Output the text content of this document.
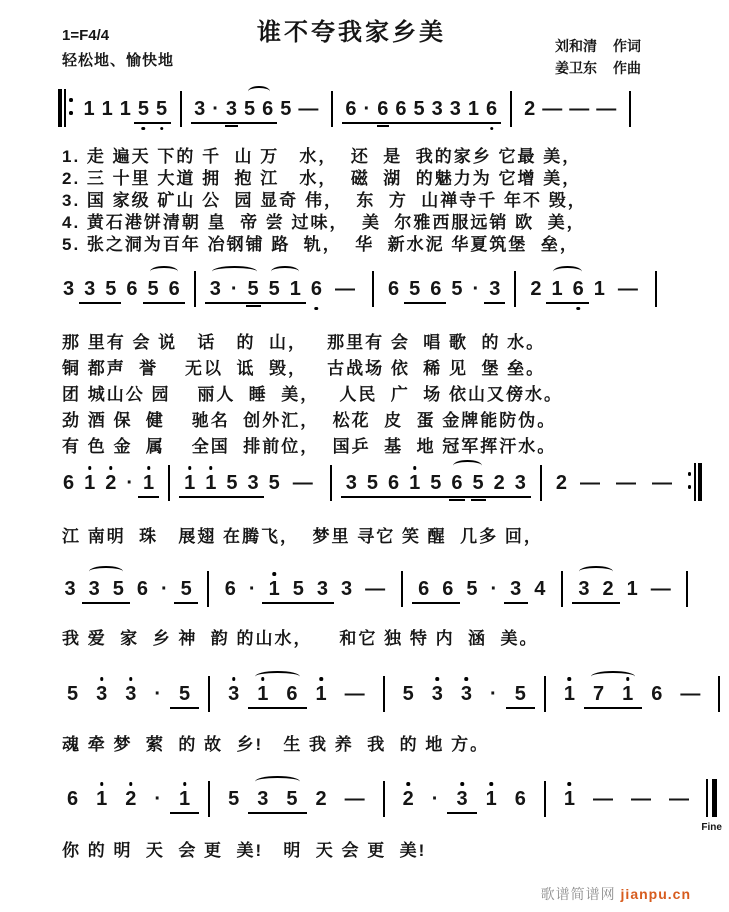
谁不夸我家乡美
1=F4/4
轻松地、愉快地
刘和清 作词
姜卫东 作曲
1 1 1 5 5 3 · 3 5 6 5 — 6 · 6 6 5 3 3 1 6 2 — — —
1. 走 遍天 下的 千  山 万   水，  还  是  我的家乡 它最 美，
2. 三 十里 大道 拥  抱 江   水，  磁  湖  的魅力为 它增 美，
3. 国 家级 矿山 公  园 显奇 伟，  东  方  山禅寺千 年不 毁，
4. 黄石港饼清朝 皇  帝 尝 过味，  美  尔雅西服远销 欧  美，
5. 张之洞为百年 冶钢铺 路  轨，  华  新水泥 华夏筑堡  垒，
3 3 5 6 5 6 3 · 5 5 1 6 —	6 5 6 5 · 3 2 1 6 1 —
那 里有 会 说   话   的  山，   那里有 会  唱 歌  的 水。
铜 都声  誉    无以  诋  毁，   古战场 依  稀 见  堡 垒。
团 城山公 园    丽人  睡  美，   人民  广  场 依山又傍水。
劲 酒 保  健    驰名  创外汇，  松花  皮  蛋 金牌能防伪。
有 色 金  属    全国  排前位，  国乒  基  地 冠军挥汗水。
6 1 2 · 1 1 1 5 3 5 —	3 5 6 1 5 6 5 2 3 2 — — —
江 南明  珠   展翅 在腾飞，  梦里 寻它 笑 醒  几多 回，
3 3 5 6 · 5	6 · 1 5 3 3 —	6 6 5 · 3 4	3 2 1 —
我 爱  家  乡 神  韵 的山水，    和它 独 特 内  涵  美。
5 3 3 · 5	3 1 6 1 —	5 3 3 · 5	1 7 1 6 —
魂 牵 梦  萦  的 故  乡!   生 我 养  我  的 地 方。
6 1 2 · 1	5 3 5 2 —	2 · 3 1 6	1 — — —
Fine
你 的 明  天  会 更  美!   明  天 会 更  美!
歌谱简谱网 jianpu.cn
